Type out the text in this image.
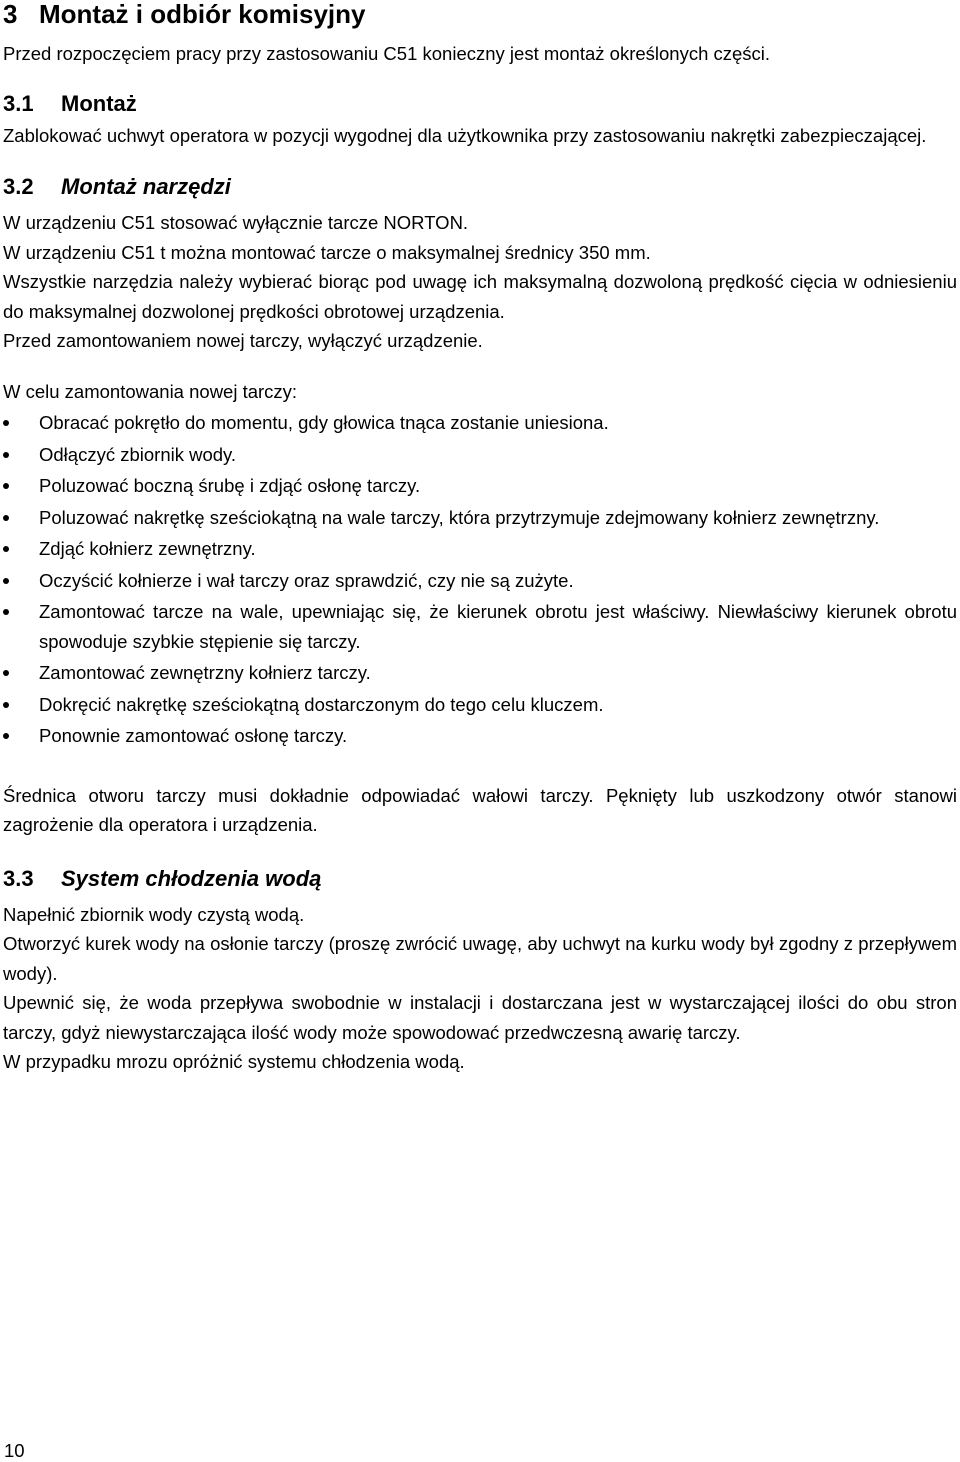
3 Montaż i odbiór komisyjny

Przed rozpoczęciem pracy przy zastosowaniu C51 konieczny jest montaż określonych części.

3.1 Montaż

Zablokować uchwyt operatora w pozycji wygodnej dla użytkownika przy zastosowaniu nakrętki zabezpieczającej.

3.2 Montaż narzędzi

W urządzeniu C51 stosować wyłącznie tarcze NORTON.

W urządzeniu C51 t można montować tarcze o maksymalnej średnicy 350 mm.

Wszystkie narzędzia należy wybierać biorąc pod uwagę ich maksymalną dozwoloną prędkość cięcia w odniesieniu do maksymalnej dozwolonej prędkości obrotowej urządzenia.

Przed zamontowaniem nowej tarczy, wyłączyć urządzenie.

W celu zamontowania nowej tarczy:

Obracać pokrętło do momentu, gdy głowica tnąca zostanie uniesiona.
Odłączyć zbiornik wody.
Poluzować boczną śrubę i zdjąć osłonę tarczy.
Poluzować nakrętkę sześciokątną na wale tarczy, która przytrzymuje zdejmowany kołnierz zewnętrzny.
Zdjąć kołnierz zewnętrzny.
Oczyścić kołnierze i wał tarczy oraz sprawdzić, czy nie są zużyte.
Zamontować tarcze na wale, upewniając się, że kierunek obrotu jest właściwy. Niewłaściwy kierunek obrotu spowoduje szybkie stępienie się tarczy.
Zamontować zewnętrzny kołnierz tarczy.
Dokręcić nakrętkę sześciokątną dostarczonym do tego celu kluczem.
Ponownie zamontować osłonę tarczy.

Średnica otworu tarczy musi dokładnie odpowiadać wałowi tarczy. Pęknięty lub uszkodzony otwór stanowi zagrożenie dla operatora i urządzenia.

3.3 System chłodzenia wodą

Napełnić zbiornik wody czystą wodą.

Otworzyć kurek wody na osłonie tarczy (proszę zwrócić uwagę, aby uchwyt na kurku wody był zgodny z przepływem wody).

Upewnić się, że woda przepływa swobodnie w instalacji i dostarczana jest w wystarczającej ilości do obu stron tarczy, gdyż niewystarczająca ilość wody może spowodować przedwczesną awarię tarczy.

W przypadku mrozu opróżnić systemu chłodzenia wodą.

10
